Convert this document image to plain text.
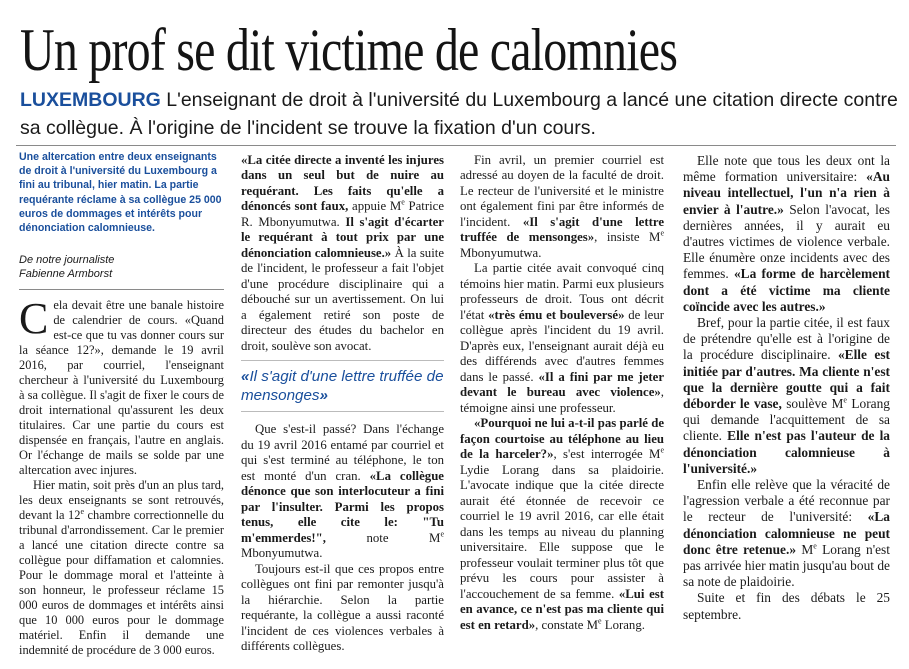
Un prof se dit victime de calomnies
LUXEMBOURG L'enseignant de droit à l'université du Luxembourg a lancé une citation directe contre sa collègue. À l'origine de l'incident se trouve la fixation d'un cours.

Une altercation entre deux enseignants de droit à l'université du Luxembourg a fini au tribunal, hier matin. La partie requérante réclame à sa collègue 25 000 euros de dommages et intérêts pour dénonciation calomnieuse.

De notre journaliste
Fabienne Armborst

Cela devait être une banale histoire de calendrier de cours. «Quand est-ce que tu vas donner cours sur la séance 12?», demande le 19 avril 2016, par courriel, l'enseignant chercheur à l'université du Luxembourg à sa collègue. Il s'agit de fixer le cours de droit international qu'assurent les deux titulaires. Car une partie du cours est dispensée en français, l'autre en anglais. Or l'échange de mails se solde par une altercation avec injures.

Hier matin, soit près d'un an plus tard, les deux enseignants se sont retrouvés, devant la 12e chambre correctionnelle du tribunal d'arrondissement. Car le premier a lancé une citation directe contre sa collègue pour diffamation et calomnies. Pour le dommage moral et l'atteinte à son honneur, le professeur réclame 15 000 euros de dommages et intérêts ainsi que 10 000 euros pour le dommage matériel. Enfin il demande une indemnité de procédure de 3 000 euros.

«La citée directe a inventé les injures dans un seul but de nuire au requérant. Les faits qu'elle a dénoncés sont faux, appuie Me Patrice R. Mbonyumutwa. Il s'agit d'écarter le requérant à tout prix par une dénonciation calomnieuse.» À la suite de l'incident, le professeur a fait l'objet d'une procédure disciplinaire qui a débouché sur un avertissement. On lui a également retiré son poste de directeur des études du bachelor en droit, soulève son avocat.

«Il s'agit d'une lettre truffée de mensonges»

Que s'est-il passé? Dans l'échange du 19 avril 2016 entamé par courriel et qui s'est terminé au téléphone, le ton est monté d'un cran. «La collègue dénonce que son interlocuteur a fini par l'insulter. Parmi les propos tenus, elle cite le: "Tu m'emmerdes!", note Me Mbonyumutwa.

Toujours est-il que ces propos entre collègues ont fini par remonter jusqu'à la hiérarchie. Selon la partie requérante, la collègue a aussi raconté l'incident de ces violences verbales à différents collègues.

Fin avril, un premier courriel est adressé au doyen de la faculté de droit. Le recteur de l'université et le ministre ont également fini par être informés de l'incident. «Il s'agit d'une lettre truffée de mensonges», insiste Me Mbonyumutwa.

La partie citée avait convoqué cinq témoins hier matin. Parmi eux plusieurs professeurs de droit. Tous ont décrit l'état «très ému et bouleversé» de leur collègue après l'incident du 19 avril. D'après eux, l'enseignant aurait déjà eu des différends avec d'autres femmes dans le passé. «Il a fini par me jeter devant le bureau avec violence», témoigne ainsi une professeur.

«Pourquoi ne lui a-t-il pas parlé de façon courtoise au téléphone au lieu de la harceler?», s'est interrogée Me Lydie Lorang dans sa plaidoirie. L'avocate indique que la citée directe aurait été étonnée de recevoir ce courriel le 19 avril 2016, car elle était dans les temps au niveau du planning universitaire. Elle suppose que le professeur voulait terminer plus tôt que prévu les cours pour assister à l'accouchement de sa femme. «Lui est en avance, ce n'est pas ma cliente qui est en retard», constate Me Lorang.

Elle note que tous les deux ont la même formation universitaire: «Au niveau intellectuel, l'un n'a rien à envier à l'autre.» Selon l'avocat, les dernières années, il y aurait eu d'autres victimes de violence verbale. Elle énumère onze incidents avec des femmes. «La forme de harcèlement dont a été victime ma cliente coïncide avec les autres.»

Bref, pour la partie citée, il est faux de prétendre qu'elle est à l'origine de la procédure disciplinaire. «Elle est initiée par d'autres. Ma cliente n'est que la dernière goutte qui a fait déborder le vase, soulève Me Lorang qui demande l'acquittement de sa cliente. Elle n'est pas l'auteur de la dénonciation calomnieuse à l'université.»

Enfin elle relève que la véracité de l'agression verbale a été reconnue par le recteur de l'université: «La dénonciation calomnieuse ne peut donc être retenue.» Me Lorang n'est pas arrivée hier matin jusqu'au bout de sa note de plaidoirie.

Suite et fin des débats le 25 septembre.
